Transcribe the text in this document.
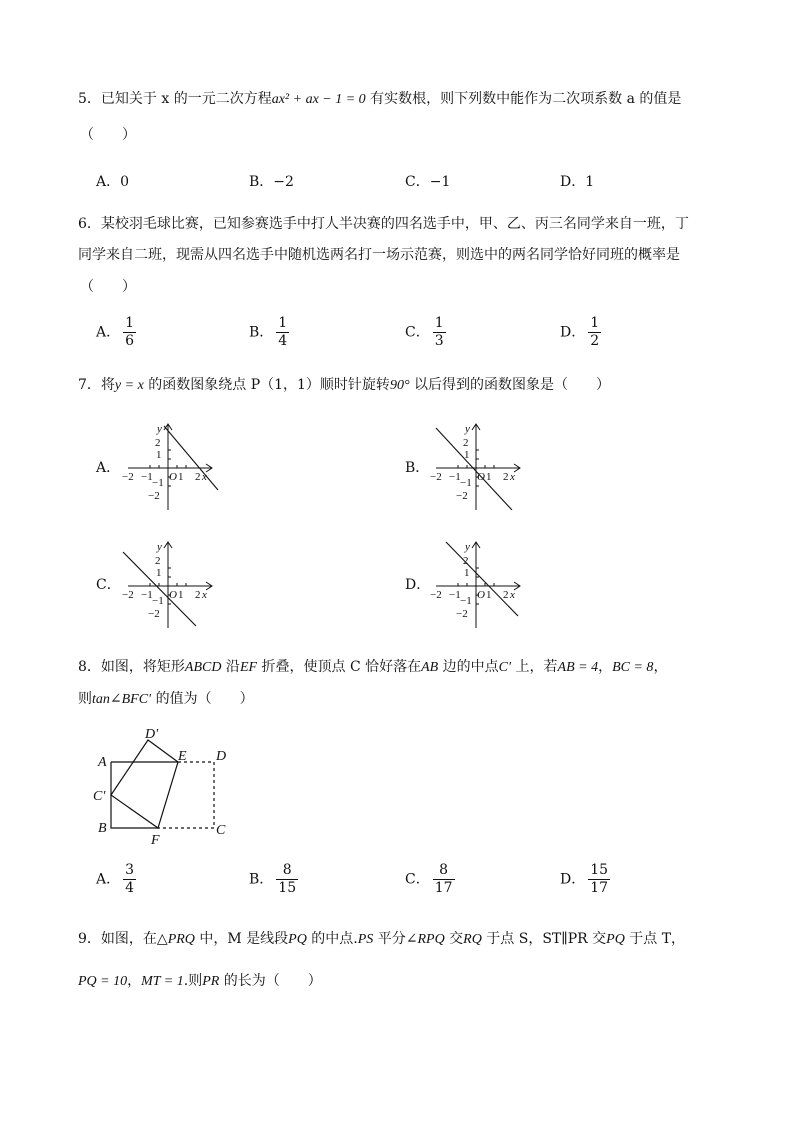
5．已知关于 x 的一元二次方程ax² + ax − 1 = 0 有实数根，则下列数中能作为二次项系数 a 的值是
（　　）
A．0	B．−2	C．−1	D．1
6．某校羽毛球比赛，已知参赛选手中打人半决赛的四名选手中，甲、乙、丙三名同学来自一班，丁
同学来自二班，现需从四名选手中随机选两名打一场示范赛，则选中的两名同学恰好同班的概率是
（　　）
A． $\frac{1}{6}$	B． $\frac{1}{4}$	C． $\frac{1}{3}$	D． $\frac{1}{2}$
7．将y = x 的函数图象绕点 P（1，1）顺时针旋转90° 以后得到的函数图象是（　　）
A．	B．
C．	D．
y
2
1
−1
−2
−2 −1 O 1 2 x
y
2
1
−1
−2
−2 −1 O 1 2 x
y
2
1
−1
−2
−2 −1 O 1 2 x
y
2
1
−1
−2
−2 −1 O 1 2 x
8．如图，将矩形ABCD 沿EF 折叠，使顶点 C 恰好落在AB 边的中点C′ 上，若AB = 4，BC = 8，
则tan∠BFC′ 的值为（　　）
A
B
C′
D′
E D
C
F
A． $\frac{3}{4}$	B． $\frac{8}{15}$	C． $\frac{8}{17}$	D． $\frac{15}{17}$
9．如图，在△PRQ 中，M 是线段PQ 的中点.PS 平分∠RPQ 交RQ 于点 S，ST∥PR 交PQ 于点 T，
PQ = 10，MT = 1.则PR 的长为（　　）
